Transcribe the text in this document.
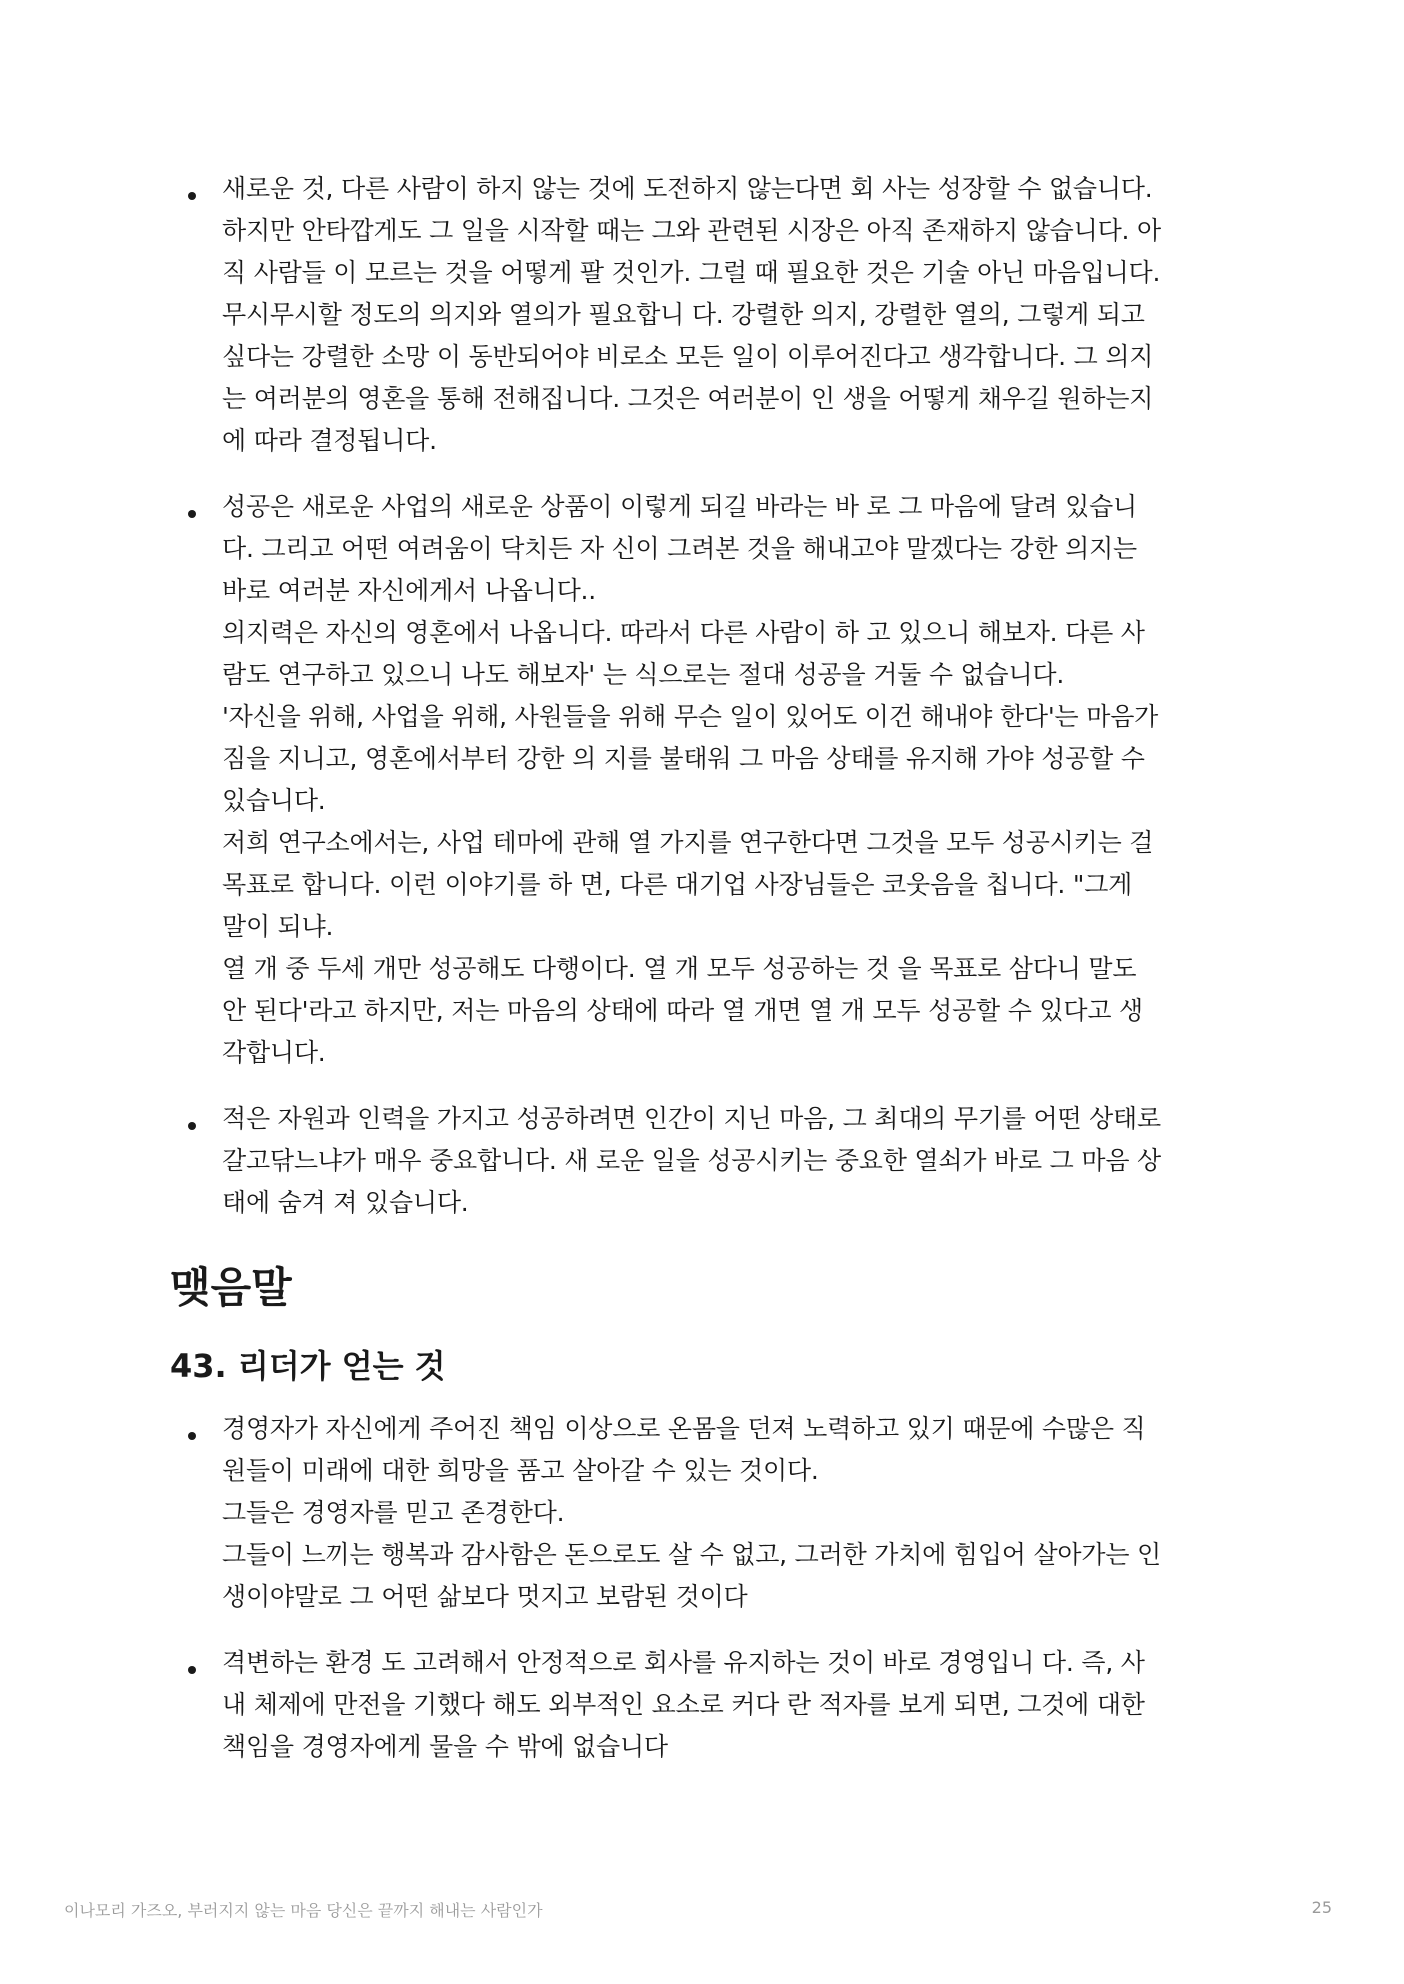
새로운 것, 다른 사람이 하지 않는 것에 도전하지 않는다면 회 사는 성장할 수 없습니다.
하지만 안타깝게도 그 일을 시작할 때는 그와 관련된 시장은 아직 존재하지 않습니다. 아
직 사람들 이 모르는 것을 어떻게 팔 것인가. 그럴 때 필요한 것은 기술 아닌 마음입니다.
무시무시할 정도의 의지와 열의가 필요합니 다. 강렬한 의지, 강렬한 열의, 그렇게 되고
싶다는 강렬한 소망 이 동반되어야 비로소 모든 일이 이루어진다고 생각합니다. 그 의지
는 여러분의 영혼을 통해 전해집니다. 그것은 여러분이 인 생을 어떻게 채우길 원하는지
에 따라 결정됩니다.
성공은 새로운 사업의 새로운 상품이 이렇게 되길 바라는 바 로 그 마음에 달려 있습니
다. 그리고 어떤 여려움이 닥치든 자 신이 그려본 것을 해내고야 말겠다는 강한 의지는
바로 여러분 자신에게서 나옵니다..
의지력은 자신의 영혼에서 나옵니다. 따라서 다른 사람이 하 고 있으니 해보자. 다른 사
람도 연구하고 있으니 나도 해보자' 는 식으로는 절대 성공을 거둘 수 없습니다.
'자신을 위해, 사업을 위해, 사원들을 위해 무슨 일이 있어도 이건 해내야 한다'는 마음가
짐을 지니고, 영혼에서부터 강한 의 지를 불태워 그 마음 상태를 유지해 가야 성공할 수
있습니다.
저희 연구소에서는, 사업 테마에 관해 열 가지를 연구한다면 그것을 모두 성공시키는 걸
목표로 합니다. 이런 이야기를 하 면, 다른 대기업 사장님들은 코웃음을 칩니다. "그게
말이 되냐.
열 개 중 두세 개만 성공해도 다행이다. 열 개 모두 성공하는 것 을 목표로 삼다니 말도
안 된다'라고 하지만, 저는 마음의 상태에 따라 열 개면 열 개 모두 성공할 수 있다고 생
각합니다.
적은 자원과 인력을 가지고 성공하려면 인간이 지닌 마음, 그 최대의 무기를 어떤 상태로
갈고닦느냐가 매우 중요합니다. 새 로운 일을 성공시키는 중요한 열쇠가 바로 그 마음 상
태에 숨겨 져 있습니다.
맺음말
43. 리더가 얻는 것
경영자가 자신에게 주어진 책임 이상으로 온몸을 던져 노력하고 있기 때문에 수많은 직
원들이 미래에 대한 희망을 품고 살아갈 수 있는 것이다.
그들은 경영자를 믿고 존경한다.
그들이 느끼는 행복과 감사함은 돈으로도 살 수 없고, 그러한 가치에 힘입어 살아가는 인
생이야말로 그 어떤 삶보다 멋지고 보람된 것이다
격변하는 환경 도 고려해서 안정적으로 회사를 유지하는 것이 바로 경영입니 다. 즉, 사
내 체제에 만전을 기했다 해도 외부적인 요소로 커다 란 적자를 보게 되면, 그것에 대한
책임을 경영자에게 물을 수 밖에 없습니다
이나모리 가즈오, 부러지지 않는 마음 당신은 끝까지 해내는 사람인가	25
